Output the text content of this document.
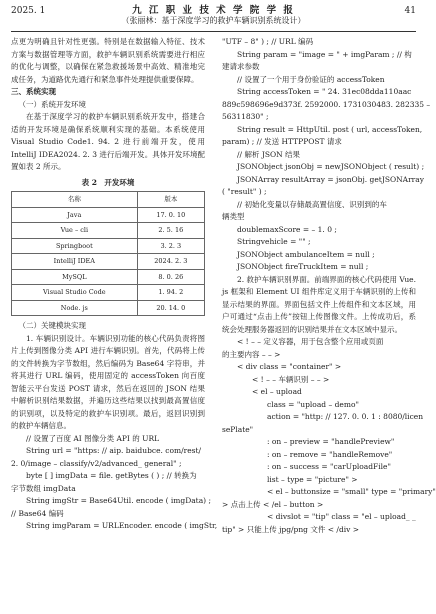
2025. 1	九 江 职 业 技 术 学 院 学 报
（张丽林：基于深度学习的救护车辆识别系统设计）
41

点更为明确且针对性更强。特别是在数据输入特征、技术方案与数据管理等方面，救护车辆识别系统需要进行相应的优化与调整，以确保在紧急救援场景中高效、精准地完成任务，为道路优先通行和紧急事件处理提供重要保障。

三、系统实现

（一）系统开发环境

在基于深度学习的救护车辆识别系统开发中，搭建合适的开发环境是确保系统顺利实现的基础。本系统使用 Visual Studio Code1. 94. 2 进行前端开发，使用 IntelliJ IDEA2024. 2. 3 进行后端开发。具体开发环境配置如表 2 所示。

表 2　开发环境
名称	版本
Java	17. 0. 10
Vue – cli	2. 5. 16
Springboot	3. 2. 3
IntelliJ IDEA	2024. 2. 3
MySQL	8. 0. 26
Visual Studio Code	1. 94. 2
Node. js	20. 14. 0

（二）关键模块实现

1. 车辆识别设计。车辆识别功能的核心代码负责将图片上传到图像分类 API 进行车辆识别。首先，代码将上传的文件转换为字节数组，然后编码为 Base64 字符串，并将其进行 URL 编码，使用固定的 accessToken 向百度智能云平台发送 POST 请求，然后在返回的 JSON 结果中解析识别结果数据，并遍历这些结果以找到最高置信度的识别项，以及特定的救护车识别项。最后，返回识别到的救护车辆信息。

// 设置了百度 AI 图像分类 API 的 URL

String url = "https: // aip. baidubce. com/rest/

2. 0/image – classify/v2/advanced_ general" ;

byte [ ] imgData = file. getBytes ( ) ; // 转换为

字节数组 imgData

String imgStr = Base64Util. encode ( imgData) ;

// Base64 编码

String imgParam = URLEncoder. encode ( imgStr,

"UTF – 8" ) ; // URL 编码

String param = "image = " + imgParam ; // 构

建请求参数

// 设置了一个用于身份验证的 accessToken

String accessToken = " 24. 31ec08dda110aac

889c598696e9d373f. 2592000. 1731030483. 282335 –

56311830" ;

String result = HttpUtil. post ( url, accessToken,

param) ; // 发送 HTTPPOST 请求

// 解析 JSON 结果

JSONObject jsonObj = newJSONObject ( result) ;

JSONArray resultArray = jsonObj. getJSONArray

( "result" ) ;

// 初始化变量以存储最高置信度、识别到的车

辆类型

doublemaxScore = – 1. 0 ;

Stringvehicle = "" ;

JSONObject ambulanceItem = null ;

JSONObject fireTruckItem = null ;

2. 救护车辆识别界面。前端界面的核心代码使用 Vue. js 框架和 Element UI 组件库定义用于车辆识别的上传和显示结果的界面。界面包括文件上传组件和文本区域，用户可通过“点击上传”按钮上传图像文件。上传成功后，系统会处理服务器返回的识别结果并在文本区域中显示。

< ! – – 定义容器，用于包含整个应用或页面

的主要内容 – – >

< div class = "container" >

< ! – – 车辆识别 – – >

< el – upload

class = "upload – demo"

action = "http: // 127. 0. 0. 1 : 8080/licen

sePlate"

: on – preview = "handlePreview"

: on – remove = "handleRemove"

: on – success = "carUploadFile"

list – type = "picture" >

< el – buttonsize = "small" type = "primary"

> 点击上传 < /el – button >

< divslot = "tip" class = "el – upload_ _

tip" > 只能上传 jpg/png 文件 < /div >
